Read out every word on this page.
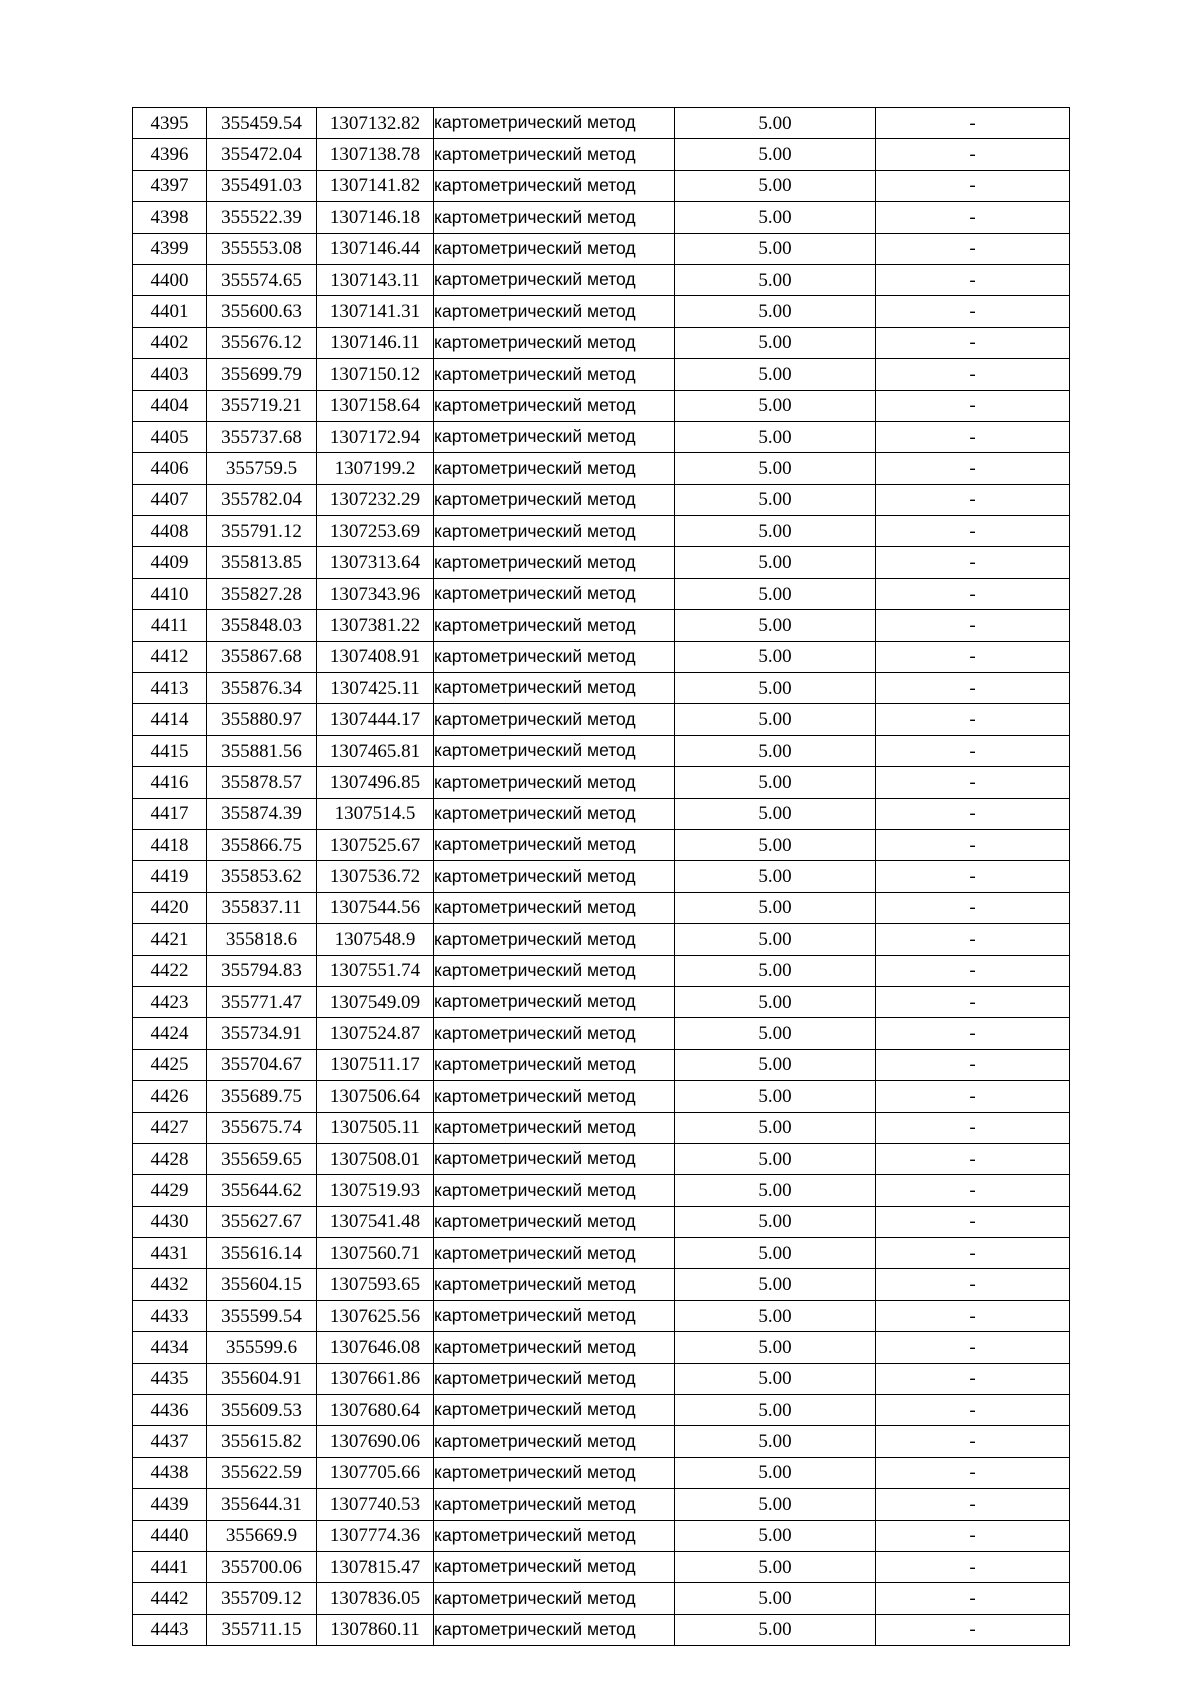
4395	355459.54	1307132.82	картометрический метод	5.00	-
4396	355472.04	1307138.78	картометрический метод	5.00	-
4397	355491.03	1307141.82	картометрический метод	5.00	-
4398	355522.39	1307146.18	картометрический метод	5.00	-
4399	355553.08	1307146.44	картометрический метод	5.00	-
4400	355574.65	1307143.11	картометрический метод	5.00	-
4401	355600.63	1307141.31	картометрический метод	5.00	-
4402	355676.12	1307146.11	картометрический метод	5.00	-
4403	355699.79	1307150.12	картометрический метод	5.00	-
4404	355719.21	1307158.64	картометрический метод	5.00	-
4405	355737.68	1307172.94	картометрический метод	5.00	-
4406	355759.5	1307199.2	картометрический метод	5.00	-
4407	355782.04	1307232.29	картометрический метод	5.00	-
4408	355791.12	1307253.69	картометрический метод	5.00	-
4409	355813.85	1307313.64	картометрический метод	5.00	-
4410	355827.28	1307343.96	картометрический метод	5.00	-
4411	355848.03	1307381.22	картометрический метод	5.00	-
4412	355867.68	1307408.91	картометрический метод	5.00	-
4413	355876.34	1307425.11	картометрический метод	5.00	-
4414	355880.97	1307444.17	картометрический метод	5.00	-
4415	355881.56	1307465.81	картометрический метод	5.00	-
4416	355878.57	1307496.85	картометрический метод	5.00	-
4417	355874.39	1307514.5	картометрический метод	5.00	-
4418	355866.75	1307525.67	картометрический метод	5.00	-
4419	355853.62	1307536.72	картометрический метод	5.00	-
4420	355837.11	1307544.56	картометрический метод	5.00	-
4421	355818.6	1307548.9	картометрический метод	5.00	-
4422	355794.83	1307551.74	картометрический метод	5.00	-
4423	355771.47	1307549.09	картометрический метод	5.00	-
4424	355734.91	1307524.87	картометрический метод	5.00	-
4425	355704.67	1307511.17	картометрический метод	5.00	-
4426	355689.75	1307506.64	картометрический метод	5.00	-
4427	355675.74	1307505.11	картометрический метод	5.00	-
4428	355659.65	1307508.01	картометрический метод	5.00	-
4429	355644.62	1307519.93	картометрический метод	5.00	-
4430	355627.67	1307541.48	картометрический метод	5.00	-
4431	355616.14	1307560.71	картометрический метод	5.00	-
4432	355604.15	1307593.65	картометрический метод	5.00	-
4433	355599.54	1307625.56	картометрический метод	5.00	-
4434	355599.6	1307646.08	картометрический метод	5.00	-
4435	355604.91	1307661.86	картометрический метод	5.00	-
4436	355609.53	1307680.64	картометрический метод	5.00	-
4437	355615.82	1307690.06	картометрический метод	5.00	-
4438	355622.59	1307705.66	картометрический метод	5.00	-
4439	355644.31	1307740.53	картометрический метод	5.00	-
4440	355669.9	1307774.36	картометрический метод	5.00	-
4441	355700.06	1307815.47	картометрический метод	5.00	-
4442	355709.12	1307836.05	картометрический метод	5.00	-
4443	355711.15	1307860.11	картометрический метод	5.00	-
